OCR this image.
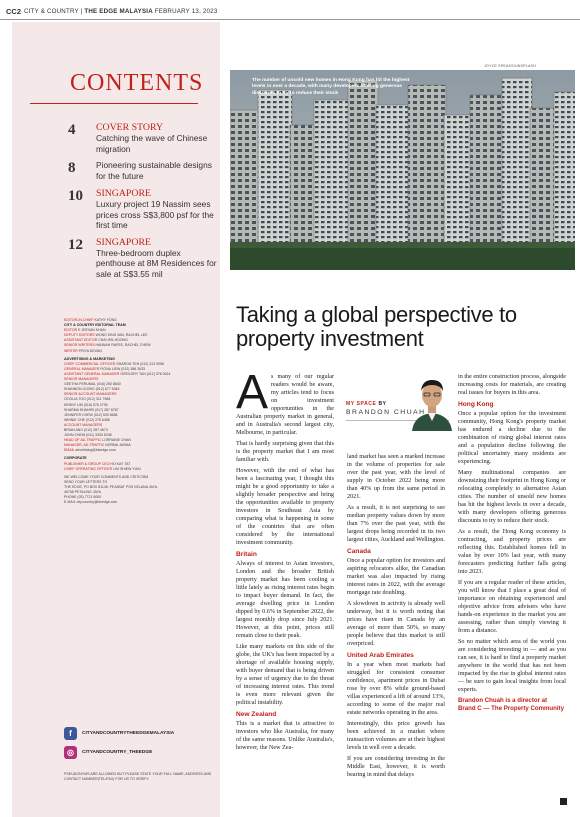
CC2 CITY & COUNTRY | THE EDGE MALAYSIA FEBRUARY 13, 2023
CONTENTS
4 COVER STORY
Catching the wave of Chinese migration
8 Pioneering sustainable designs for the future
10 SINGAPORE
Luxury project 19 Nassim sees prices cross S$3,800 psf for the first time
12 SINGAPORE
Three-bedroom duplex penthouse at 8M Residences for sale at S$3.55 mil
EDITOR-IN-CHIEF KATHY FONG
CITY & COUNTRY EDITORIAL TEAM
EDITOR E JEEVAN KHAN
DEPUTY EDITORS WONG KING WAI, RACHEL LEE
ASSISTANT EDITOR CHAI HSI-HOONG
SENIOR WRITERS HANNAH RAFEE, RACHEL CHEW
WRITER PRIYA DEVAN
ADVERTISING & MARKETING
CHIEF COMMERCIAL OFFICER SHARON TEH (012) 313 9056
GENERAL MANAGER FIONA LIEW (012) 386 2633
ASSISTANT GENERAL MANAGER GREGORY TAN (012) 376 0614
SENIOR MANAGERS
GEETHA PERUMAL (016) 250 8640
SHANNON LEONG (012) 677 5345
SENIOR ACCOUNT MANAGERS
CECILIA TOO (012) 311 7658
KENNY LIM (016) 578 2735
SHARMA SHAHIRI (017) 287 8787
JENNIFER CHEW (012) 533 6656
WINNIE CHE (012) 275 6456
ACCOUNT MANAGERS
BRIAN ANG (012) 287 4673
JOHN CHEW (011) 3300 5238
HEAD OF AD-TRAFFIC LORRAINE CHAN
MANAGER, AD-TRAFFIC NORMA JASMA
EMAIL advertising@bizedge.com
CORPORATE
PUBLISHER & GROUP CEO HO KAY TAT
CHIEF OPERATING OFFICER LIM SHIEW YUIN
WE WELCOME YOUR COMMENTS AND CRITICISM
SEND YOUR LETTERS TO
THE EDGE, PO BOX 81148, PEJABAT POS KELANA JAYA,
46768 PETALING JAYA
PHONE (03) 7721 8000
E-MAIL city.country@bizedge.com
f	CITYANDCOUNTRYTHEEDGEMALAYSIA
◎	CITYANDCOUNTRY_THEEDGE
PSEUDONYMS ARE ALLOWED BUT PLEASE STATE YOUR FULL NAME, ADDRESS AND CONTACT NUMBER(TEL/FAX) FOR US TO VERIFY.
JOYCE SPEAKS/UNSPLASH
The number of unsold new homes in Hong Kong has hit the highest levels in over a decade, with many developers offering generous discounts to try to reduce their stock
Taking a global perspective to property investment
MY SPACE BY
BRANDON CHUAH
A s many of our regular readers would be aware, my articles tend to focus on investment opportunities in the Australian property market in general, and in Australia's second largest city, Melbourne, in particular.

That is hardly surprising given that this is the property market that I am most familiar with.

However, with the end of what has been a fascinating year, I thought this might be a good opportunity to take a slightly broader perspective and bring the opportunities available to property investors in Southeast Asia by comparing what is happening in some of the countries that are often considered by the international investment community.

Britain

Always of interest to Asian investors, London and the broader British property market has been cooling a little lately as rising interest rates begin to impact buyer demand. In fact, the average dwelling price in London dipped by 0.6% in September 2022, the largest monthly drop since July 2021. However, at this point, prices still remain close to their peak.

Like many markets on this side of the globe, the UK's has been impacted by a shortage of available housing supply, with buyer demand that is being driven by a sense of urgency due to the threat of increasing interest rates. This trend is even more relevant given the political instability.

New Zealand

This is a market that is attractive to investors who like Australia, for many of the same reasons. Unlike Australia's, however, the New Zea-

land market has seen a marked increase in the volume of properties for sale over the past year, with the level of supply in October 2022 being more than 40% up from the same period in 2021.

As a result, it is not surprising to see median property values down by more than 7% over the past year, with the largest drops being recorded in its two largest cities, Auckland and Wellington.

Canada

Once a popular option for investors and aspiring relocators alike, the Canadian market was also impacted by rising interest rates in 2022, with the average mortgage rate doubling.

A slowdown in activity is already well underway, but it is worth noting that prices have risen in Canada by an average of more than 50%, so many people believe that this market is still overpriced.

United Arab Emirates

In a year when most markets had struggled for consistent consumer confidence, apartment prices in Dubai rose by over 8% while ground-based villas experienced a lift of around 13%, according to some of the major real estate networks operating in the area.

Interestingly, this price growth has been achieved in a market where transaction volumes are at their highest levels in well over a decade.

If you are considering investing in the Middle East, however, it is worth bearing in mind that delays

in the entire construction process, alongside increasing costs for materials, are creating real issues for buyers in this area.

Hong Kong

Once a popular option for the investment community, Hong Kong's property market has endured a decline due to the combination of rising global interest rates and a population decline following the political uncertainty many residents are experiencing.

Many multinational companies are downsizing their footprint in Hong Kong or relocating completely to alternative Asian cities. The number of unsold new homes has hit the highest levels in over a decade, with many developers offering generous discounts to try to reduce their stock.

As a result, the Hong Kong economy is contracting, and property prices are reflecting this. Established homes fell in value by over 10% last year, with many forecasters predicting further falls going into 2023.

If you are a regular reader of these articles, you will know that I place a great deal of importance on obtaining experienced and objective advice from advisers who have hands-on experience in the market you are assessing, rather than simply viewing it from a distance.

So no matter which area of the world you are considering investing in — and as you can see, it is hard to find a property market anywhere in the world that has not been impacted by the rise in global interest rates — be sure to gain local insights from local experts.

Brandon Chuah is a director at Brand C — The Property Community
